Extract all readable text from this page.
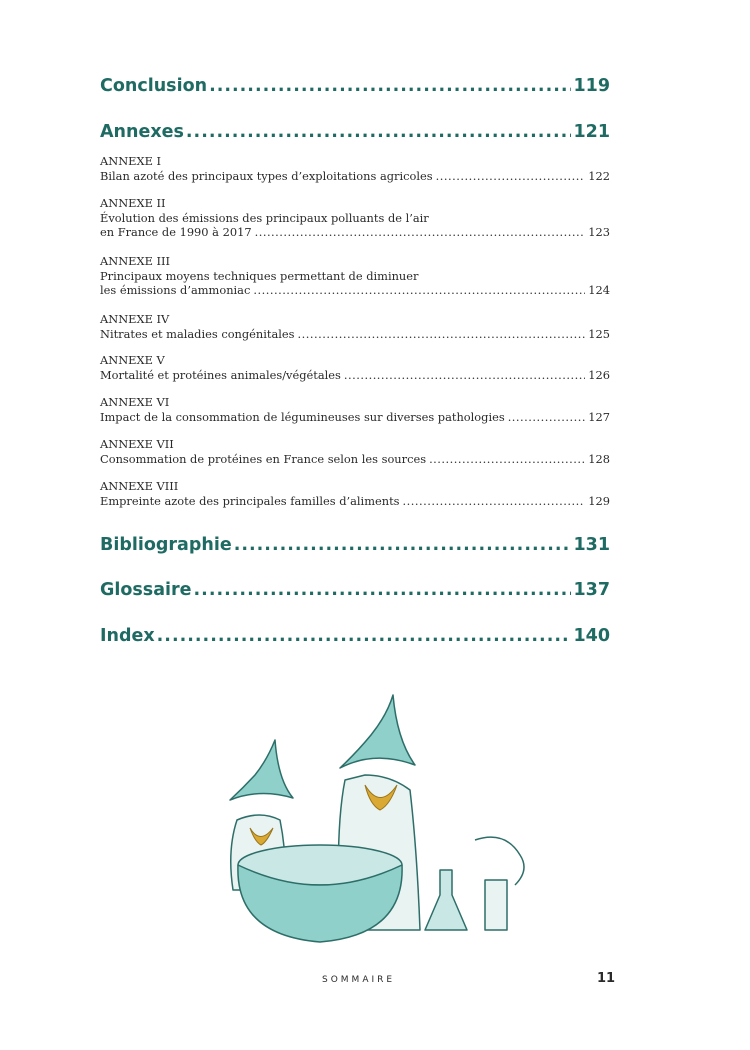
Conclusion .....	119
Annexes .....	121
ANNEXE I
Bilan azoté des principaux types d’exploitations agricoles .....	122
ANNEXE II
Évolution des émissions des principaux polluants de l’air
en France de 1990 à 2017 .....	123
ANNEXE III
Principaux moyens techniques permettant de diminuer
les émissions d’ammoniac .....	124
ANNEXE IV
Nitrates et maladies congénitales .....	125
ANNEXE V
Mortalité et protéines animales/végétales .....	126
ANNEXE VI
Impact de la consommation de légumineuses sur diverses pathologies .....	127
ANNEXE VII
Consommation de protéines en France selon les sources .....	128
ANNEXE VIII
Empreinte azote des principales familles d’aliments .....	129
Bibliographie .....	131
Glossaire .....	137
Index .....	140
SOMMAIRE	11
